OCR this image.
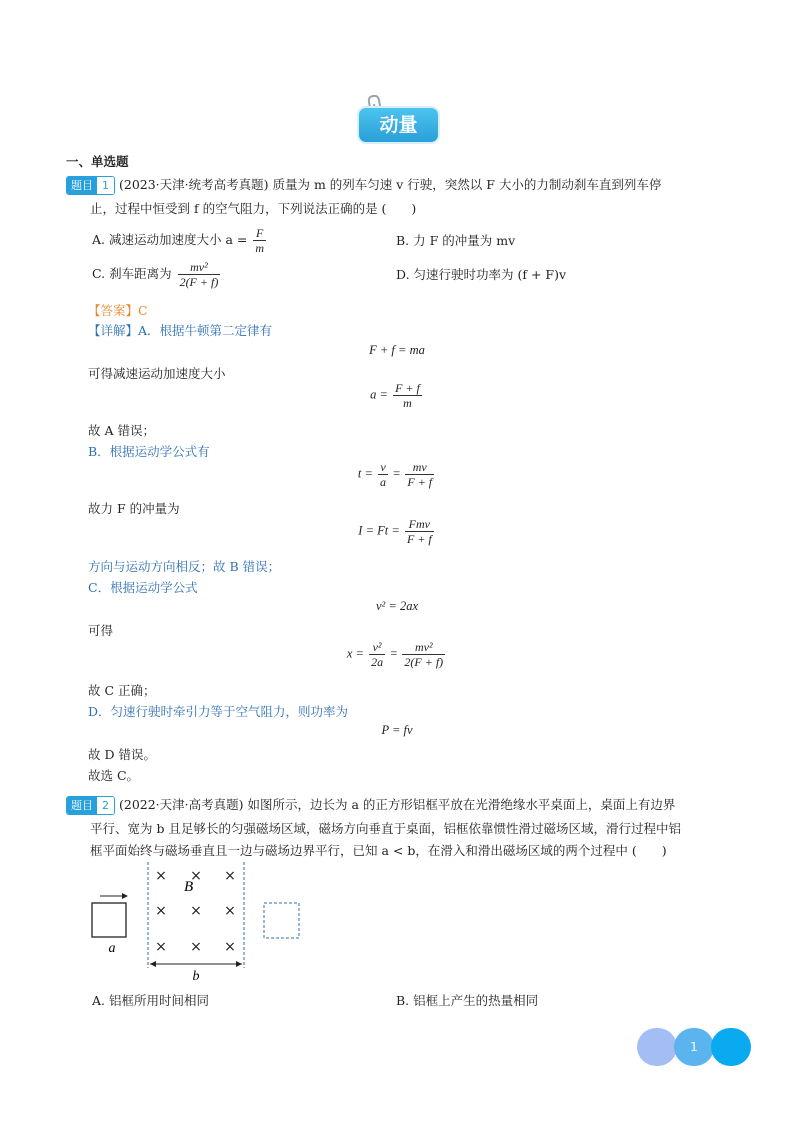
动量
一、单选题
题目 1 (2023·天津·统考高考真题) 质量为 m 的列车匀速 v 行驶，突然以 F 大小的力制动刹车直到列车停
止，过程中恒受到 f 的空气阻力，下列说法正确的是 (　　)
A. 减速运动加速度大小 $a = \frac{F}{m}$	B. 力 F 的冲量为 mv
C. 刹车距离为 $\frac{\text{mv²}}{2(F + f)}$	D. 匀速行驶时功率为 (f + F)v
【答案】C
【详解】A．根据牛顿第二定律有
F + f = ma
可得减速运动加速度大小
$a = \frac{F + f}{m}$
故 A 错误；
B．根据运动学公式有
$t = \frac{v}{a} = \frac{mv}{F + f}$
故力 F 的冲量为
$I = Ft = \frac{\text{Fmv}}{F + f}$
方向与运动方向相反；故 B 错误；
C．根据运动学公式
v² = 2ax
可得
$x = \frac{\text{v²}}{2a} = \frac{\text{mv²}}{2(F + f)}$
故 C 正确；
D．匀速行驶时牵引力等于空气阻力，则功率为
P = fv
故 D 错误。
故选 C。
题目 2 (2022·天津·高考真题) 如图所示，边长为 a 的正方形铝框平放在光滑绝缘水平桌面上，桌面上有边界
平行、宽为 b 且足够长的匀强磁场区域，磁场方向垂直于桌面，铝框依靠惯性滑过磁场区域，滑行过程中铝
框平面始终与磁场垂直且一边与磁场边界平行，已知 a < b，在滑入和滑出磁场区域的两个过程中 (　　)
a
× × ×
× × ×
× × ×
B
b
A. 铝框所用时间相同	B. 铝框上产生的热量相同
1
